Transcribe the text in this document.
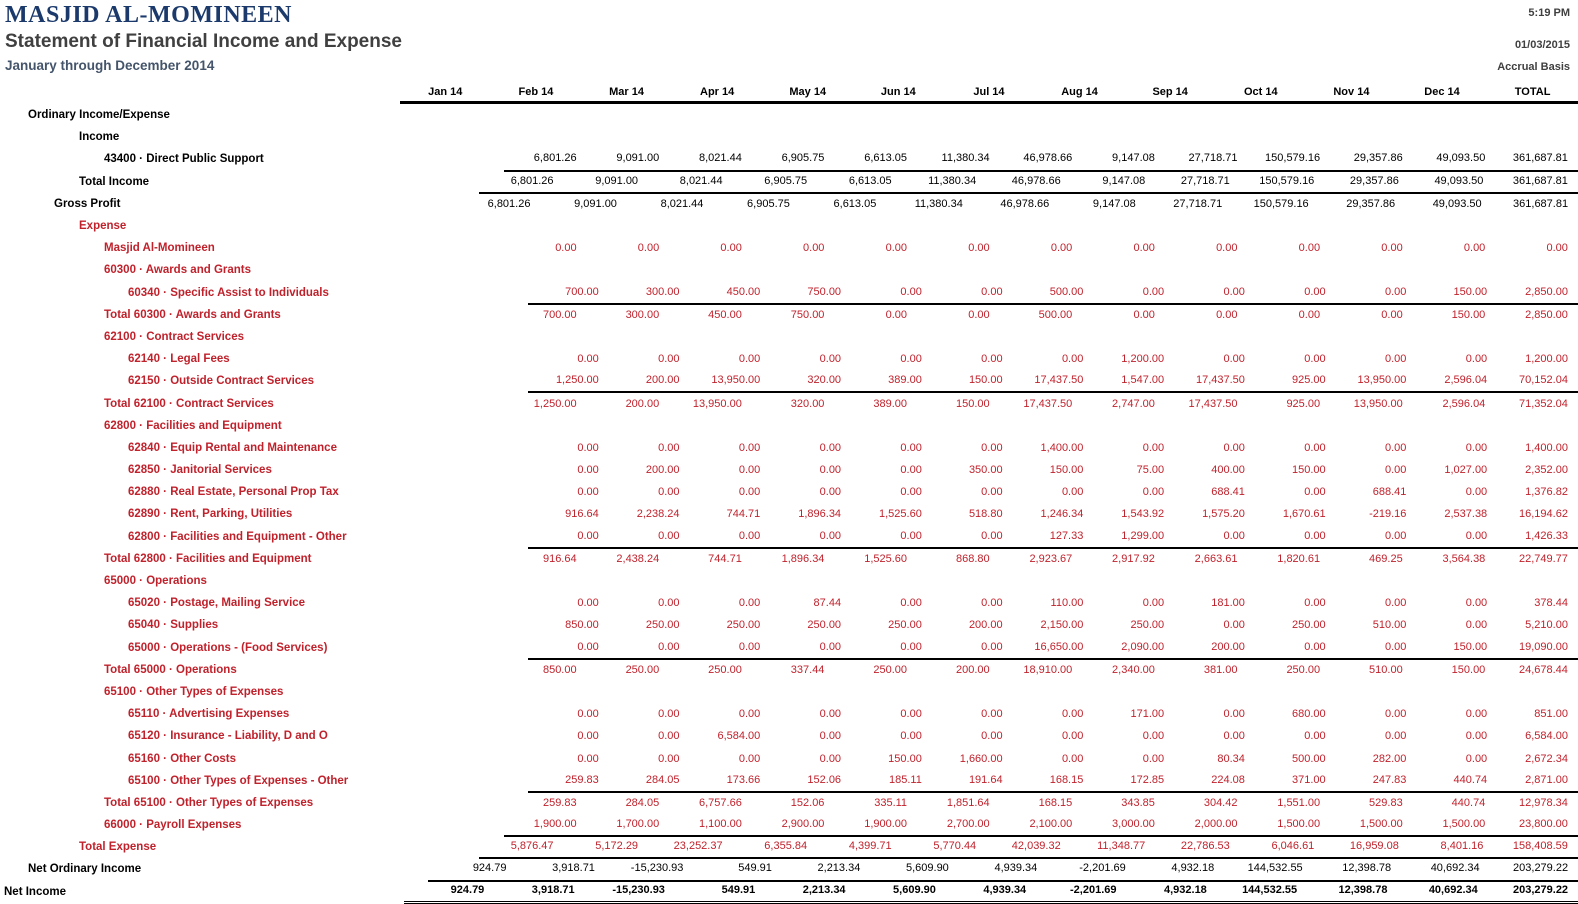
MASJID AL-MOMINEEN
Statement of Financial Income and Expense
January through December 2014
5:19 PM
01/03/2015
Accrual Basis
Jan 14	Feb 14	Mar 14	Apr 14	May 14	Jun 14	Jul 14	Aug 14	Sep 14	Oct 14	Nov 14	Dec 14	TOTAL
Ordinary Income/Expense
Income
43400 · Direct Public Support	6,801.26	9,091.00	8,021.44	6,905.75	6,613.05	11,380.34	46,978.66	9,147.08	27,718.71	150,579.16	29,357.86	49,093.50	361,687.81
Total Income	6,801.26	9,091.00	8,021.44	6,905.75	6,613.05	11,380.34	46,978.66	9,147.08	27,718.71	150,579.16	29,357.86	49,093.50	361,687.81
Gross Profit	6,801.26	9,091.00	8,021.44	6,905.75	6,613.05	11,380.34	46,978.66	9,147.08	27,718.71	150,579.16	29,357.86	49,093.50	361,687.81
Expense
Masjid Al-Momineen	0.00	0.00	0.00	0.00	0.00	0.00	0.00	0.00	0.00	0.00	0.00	0.00	0.00
60300 · Awards and Grants
60340 · Specific Assist to Individuals	700.00	300.00	450.00	750.00	0.00	0.00	500.00	0.00	0.00	0.00	0.00	150.00	2,850.00
Total 60300 · Awards and Grants	700.00	300.00	450.00	750.00	0.00	0.00	500.00	0.00	0.00	0.00	0.00	150.00	2,850.00
62100 · Contract Services
62140 · Legal Fees	0.00	0.00	0.00	0.00	0.00	0.00	0.00	1,200.00	0.00	0.00	0.00	0.00	1,200.00
62150 · Outside Contract Services	1,250.00	200.00	13,950.00	320.00	389.00	150.00	17,437.50	1,547.00	17,437.50	925.00	13,950.00	2,596.04	70,152.04
Total 62100 · Contract Services	1,250.00	200.00	13,950.00	320.00	389.00	150.00	17,437.50	2,747.00	17,437.50	925.00	13,950.00	2,596.04	71,352.04
62800 · Facilities and Equipment
62840 · Equip Rental and Maintenance	0.00	0.00	0.00	0.00	0.00	0.00	1,400.00	0.00	0.00	0.00	0.00	0.00	1,400.00
62850 · Janitorial Services	0.00	200.00	0.00	0.00	0.00	350.00	150.00	75.00	400.00	150.00	0.00	1,027.00	2,352.00
62880 · Real Estate, Personal Prop Tax	0.00	0.00	0.00	0.00	0.00	0.00	0.00	0.00	688.41	0.00	688.41	0.00	1,376.82
62890 · Rent, Parking, Utilities	916.64	2,238.24	744.71	1,896.34	1,525.60	518.80	1,246.34	1,543.92	1,575.20	1,670.61	-219.16	2,537.38	16,194.62
62800 · Facilities and Equipment - Other	0.00	0.00	0.00	0.00	0.00	0.00	127.33	1,299.00	0.00	0.00	0.00	0.00	1,426.33
Total 62800 · Facilities and Equipment	916.64	2,438.24	744.71	1,896.34	1,525.60	868.80	2,923.67	2,917.92	2,663.61	1,820.61	469.25	3,564.38	22,749.77
65000 · Operations
65020 · Postage, Mailing Service	0.00	0.00	0.00	87.44	0.00	0.00	110.00	0.00	181.00	0.00	0.00	0.00	378.44
65040 · Supplies	850.00	250.00	250.00	250.00	250.00	200.00	2,150.00	250.00	0.00	250.00	510.00	0.00	5,210.00
65000 · Operations - (Food Services)	0.00	0.00	0.00	0.00	0.00	0.00	16,650.00	2,090.00	200.00	0.00	0.00	150.00	19,090.00
Total 65000 · Operations	850.00	250.00	250.00	337.44	250.00	200.00	18,910.00	2,340.00	381.00	250.00	510.00	150.00	24,678.44
65100 · Other Types of Expenses
65110 · Advertising Expenses	0.00	0.00	0.00	0.00	0.00	0.00	0.00	171.00	0.00	680.00	0.00	0.00	851.00
65120 · Insurance - Liability, D and O	0.00	0.00	6,584.00	0.00	0.00	0.00	0.00	0.00	0.00	0.00	0.00	0.00	6,584.00
65160 · Other Costs	0.00	0.00	0.00	0.00	150.00	1,660.00	0.00	0.00	80.34	500.00	282.00	0.00	2,672.34
65100 · Other Types of Expenses - Other	259.83	284.05	173.66	152.06	185.11	191.64	168.15	172.85	224.08	371.00	247.83	440.74	2,871.00
Total 65100 · Other Types of Expenses	259.83	284.05	6,757.66	152.06	335.11	1,851.64	168.15	343.85	304.42	1,551.00	529.83	440.74	12,978.34
66000 · Payroll Expenses	1,900.00	1,700.00	1,100.00	2,900.00	1,900.00	2,700.00	2,100.00	3,000.00	2,000.00	1,500.00	1,500.00	1,500.00	23,800.00
Total Expense	5,876.47	5,172.29	23,252.37	6,355.84	4,399.71	5,770.44	42,039.32	11,348.77	22,786.53	6,046.61	16,959.08	8,401.16	158,408.59
Net Ordinary Income	924.79	3,918.71	-15,230.93	549.91	2,213.34	5,609.90	4,939.34	-2,201.69	4,932.18	144,532.55	12,398.78	40,692.34	203,279.22
Net Income	924.79	3,918.71	-15,230.93	549.91	2,213.34	5,609.90	4,939.34	-2,201.69	4,932.18	144,532.55	12,398.78	40,692.34	203,279.22
